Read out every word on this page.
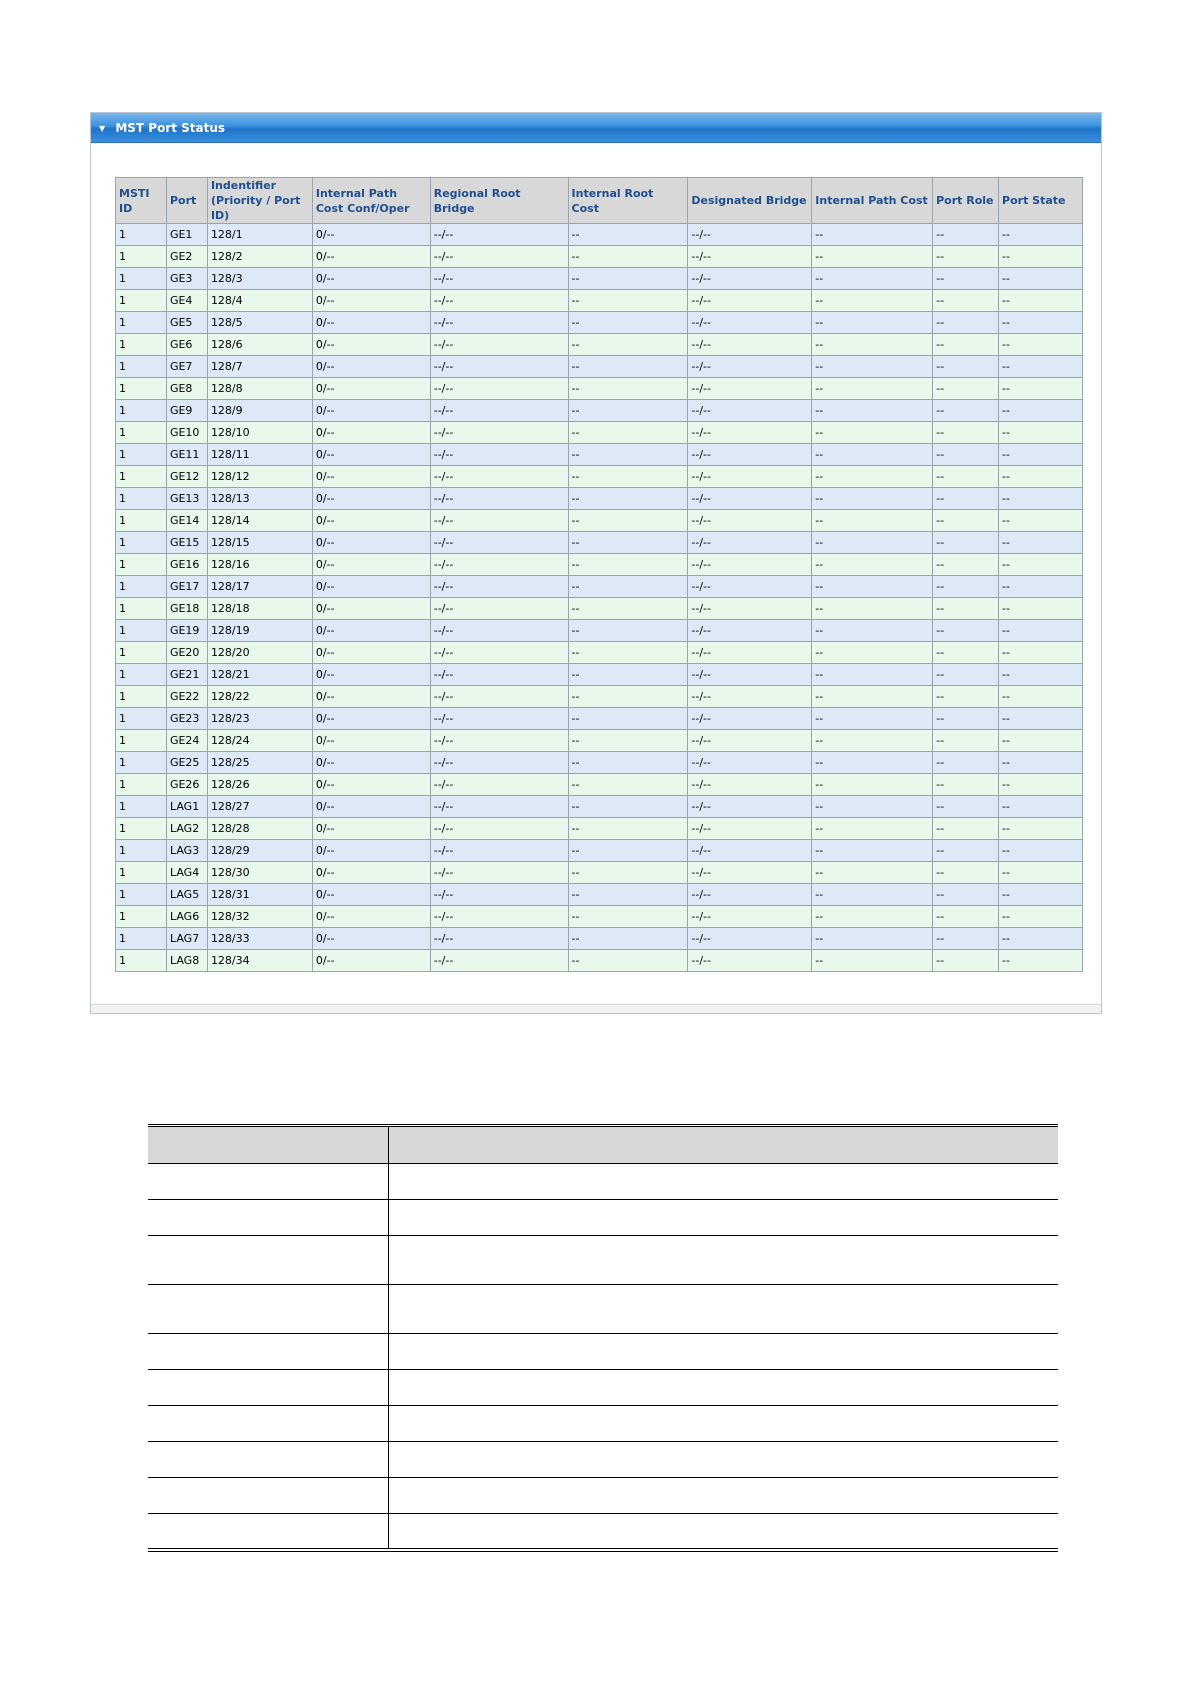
▼ MST Port Status
MSTI ID	Port	Indentifier (Priority / Port ID)	Internal Path Cost Conf/Oper	Regional Root Bridge	Internal Root Cost	Designated Bridge	Internal Path Cost	Port Role	Port State
1	GE1	128/1	0/--	--/--	--	--/--	--	--	--
1	GE2	128/2	0/--	--/--	--	--/--	--	--	--
1	GE3	128/3	0/--	--/--	--	--/--	--	--	--
1	GE4	128/4	0/--	--/--	--	--/--	--	--	--
1	GE5	128/5	0/--	--/--	--	--/--	--	--	--
1	GE6	128/6	0/--	--/--	--	--/--	--	--	--
1	GE7	128/7	0/--	--/--	--	--/--	--	--	--
1	GE8	128/8	0/--	--/--	--	--/--	--	--	--
1	GE9	128/9	0/--	--/--	--	--/--	--	--	--
1	GE10	128/10	0/--	--/--	--	--/--	--	--	--
1	GE11	128/11	0/--	--/--	--	--/--	--	--	--
1	GE12	128/12	0/--	--/--	--	--/--	--	--	--
1	GE13	128/13	0/--	--/--	--	--/--	--	--	--
1	GE14	128/14	0/--	--/--	--	--/--	--	--	--
1	GE15	128/15	0/--	--/--	--	--/--	--	--	--
1	GE16	128/16	0/--	--/--	--	--/--	--	--	--
1	GE17	128/17	0/--	--/--	--	--/--	--	--	--
1	GE18	128/18	0/--	--/--	--	--/--	--	--	--
1	GE19	128/19	0/--	--/--	--	--/--	--	--	--
1	GE20	128/20	0/--	--/--	--	--/--	--	--	--
1	GE21	128/21	0/--	--/--	--	--/--	--	--	--
1	GE22	128/22	0/--	--/--	--	--/--	--	--	--
1	GE23	128/23	0/--	--/--	--	--/--	--	--	--
1	GE24	128/24	0/--	--/--	--	--/--	--	--	--
1	GE25	128/25	0/--	--/--	--	--/--	--	--	--
1	GE26	128/26	0/--	--/--	--	--/--	--	--	--
1	LAG1	128/27	0/--	--/--	--	--/--	--	--	--
1	LAG2	128/28	0/--	--/--	--	--/--	--	--	--
1	LAG3	128/29	0/--	--/--	--	--/--	--	--	--
1	LAG4	128/30	0/--	--/--	--	--/--	--	--	--
1	LAG5	128/31	0/--	--/--	--	--/--	--	--	--
1	LAG6	128/32	0/--	--/--	--	--/--	--	--	--
1	LAG7	128/33	0/--	--/--	--	--/--	--	--	--
1	LAG8	128/34	0/--	--/--	--	--/--	--	--	--
